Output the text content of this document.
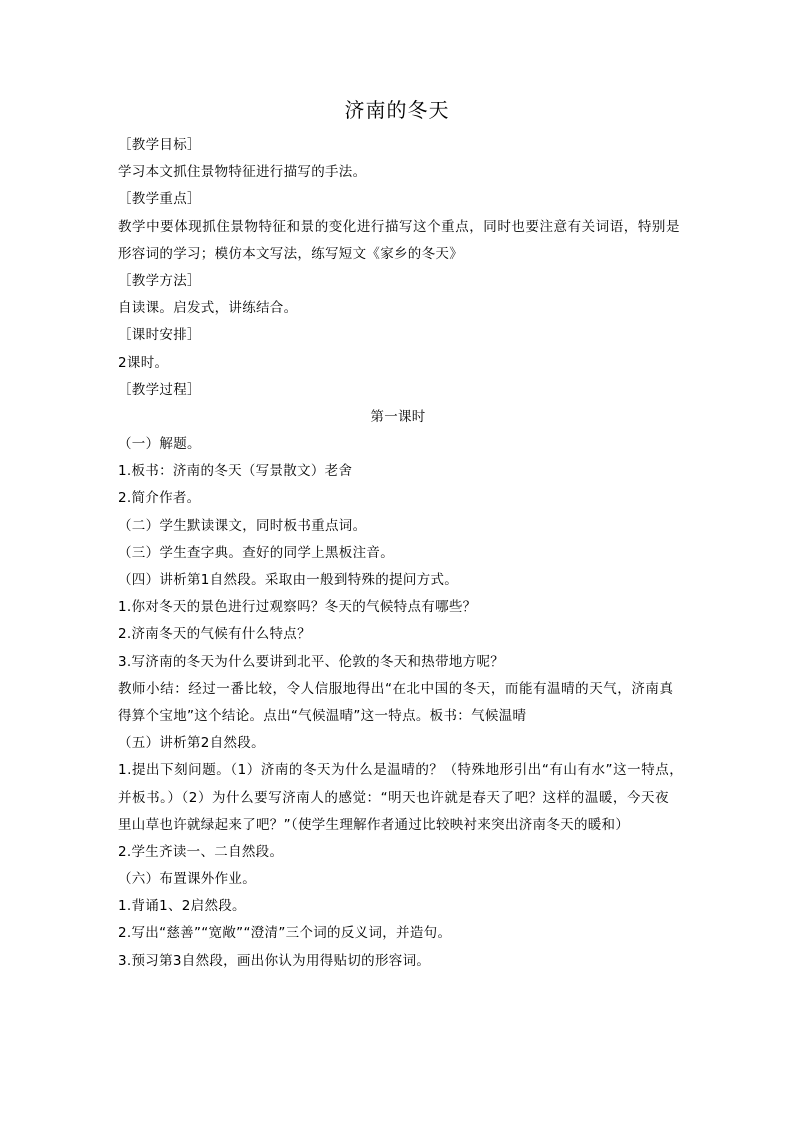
济南的冬天
［教学目标］
学习本文抓住景物特征进行描写的手法。
［教学重点］
教学中要体现抓住景物特征和景的变化进行描写这个重点，同时也要注意有关词语，特别是
形容词的学习；模仿本文写法，练写短文《家乡的冬天》
［教学方法］
自读课。启发式，讲练结合。
［课时安排］
2课时。
［教学过程］
第一课时
（一）解题。
1.板书：济南的冬天（写景散文）老舍
2.简介作者。
（二）学生默读课文，同时板书重点词。
（三）学生查字典。查好的同学上黑板注音。
（四）讲析第1自然段。采取由一般到特殊的提问方式。
1.你对冬天的景色进行过观察吗？冬天的气候特点有哪些？
2.济南冬天的气候有什么特点？
3.写济南的冬天为什么要讲到北平、伦敦的冬天和热带地方呢？
教师小结：经过一番比较，令人信服地得出“在北中国的冬天，而能有温晴的天气，济南真
得算个宝地”这个结论。点出“气候温晴”这一特点。板书：气候温晴
（五）讲析第2自然段。
1.提出下刻问题。（1）济南的冬天为什么是温晴的？（特殊地形引出“有山有水”这一特点，
并板书。）（2）为什么要写济南人的感觉：“明天也许就是春天了吧？这样的温暖，今天夜
里山草也许就绿起来了吧？”（使学生理解作者通过比较映衬来突出济南冬天的暖和）
2.学生齐读一、二自然段。
（六）布置课外作业。
1.背诵1、2启然段。
2.写出“慈善”“宽敞”“澄清”三个词的反义词，并造句。
3.预习第3自然段，画出你认为用得贴切的形容词。
